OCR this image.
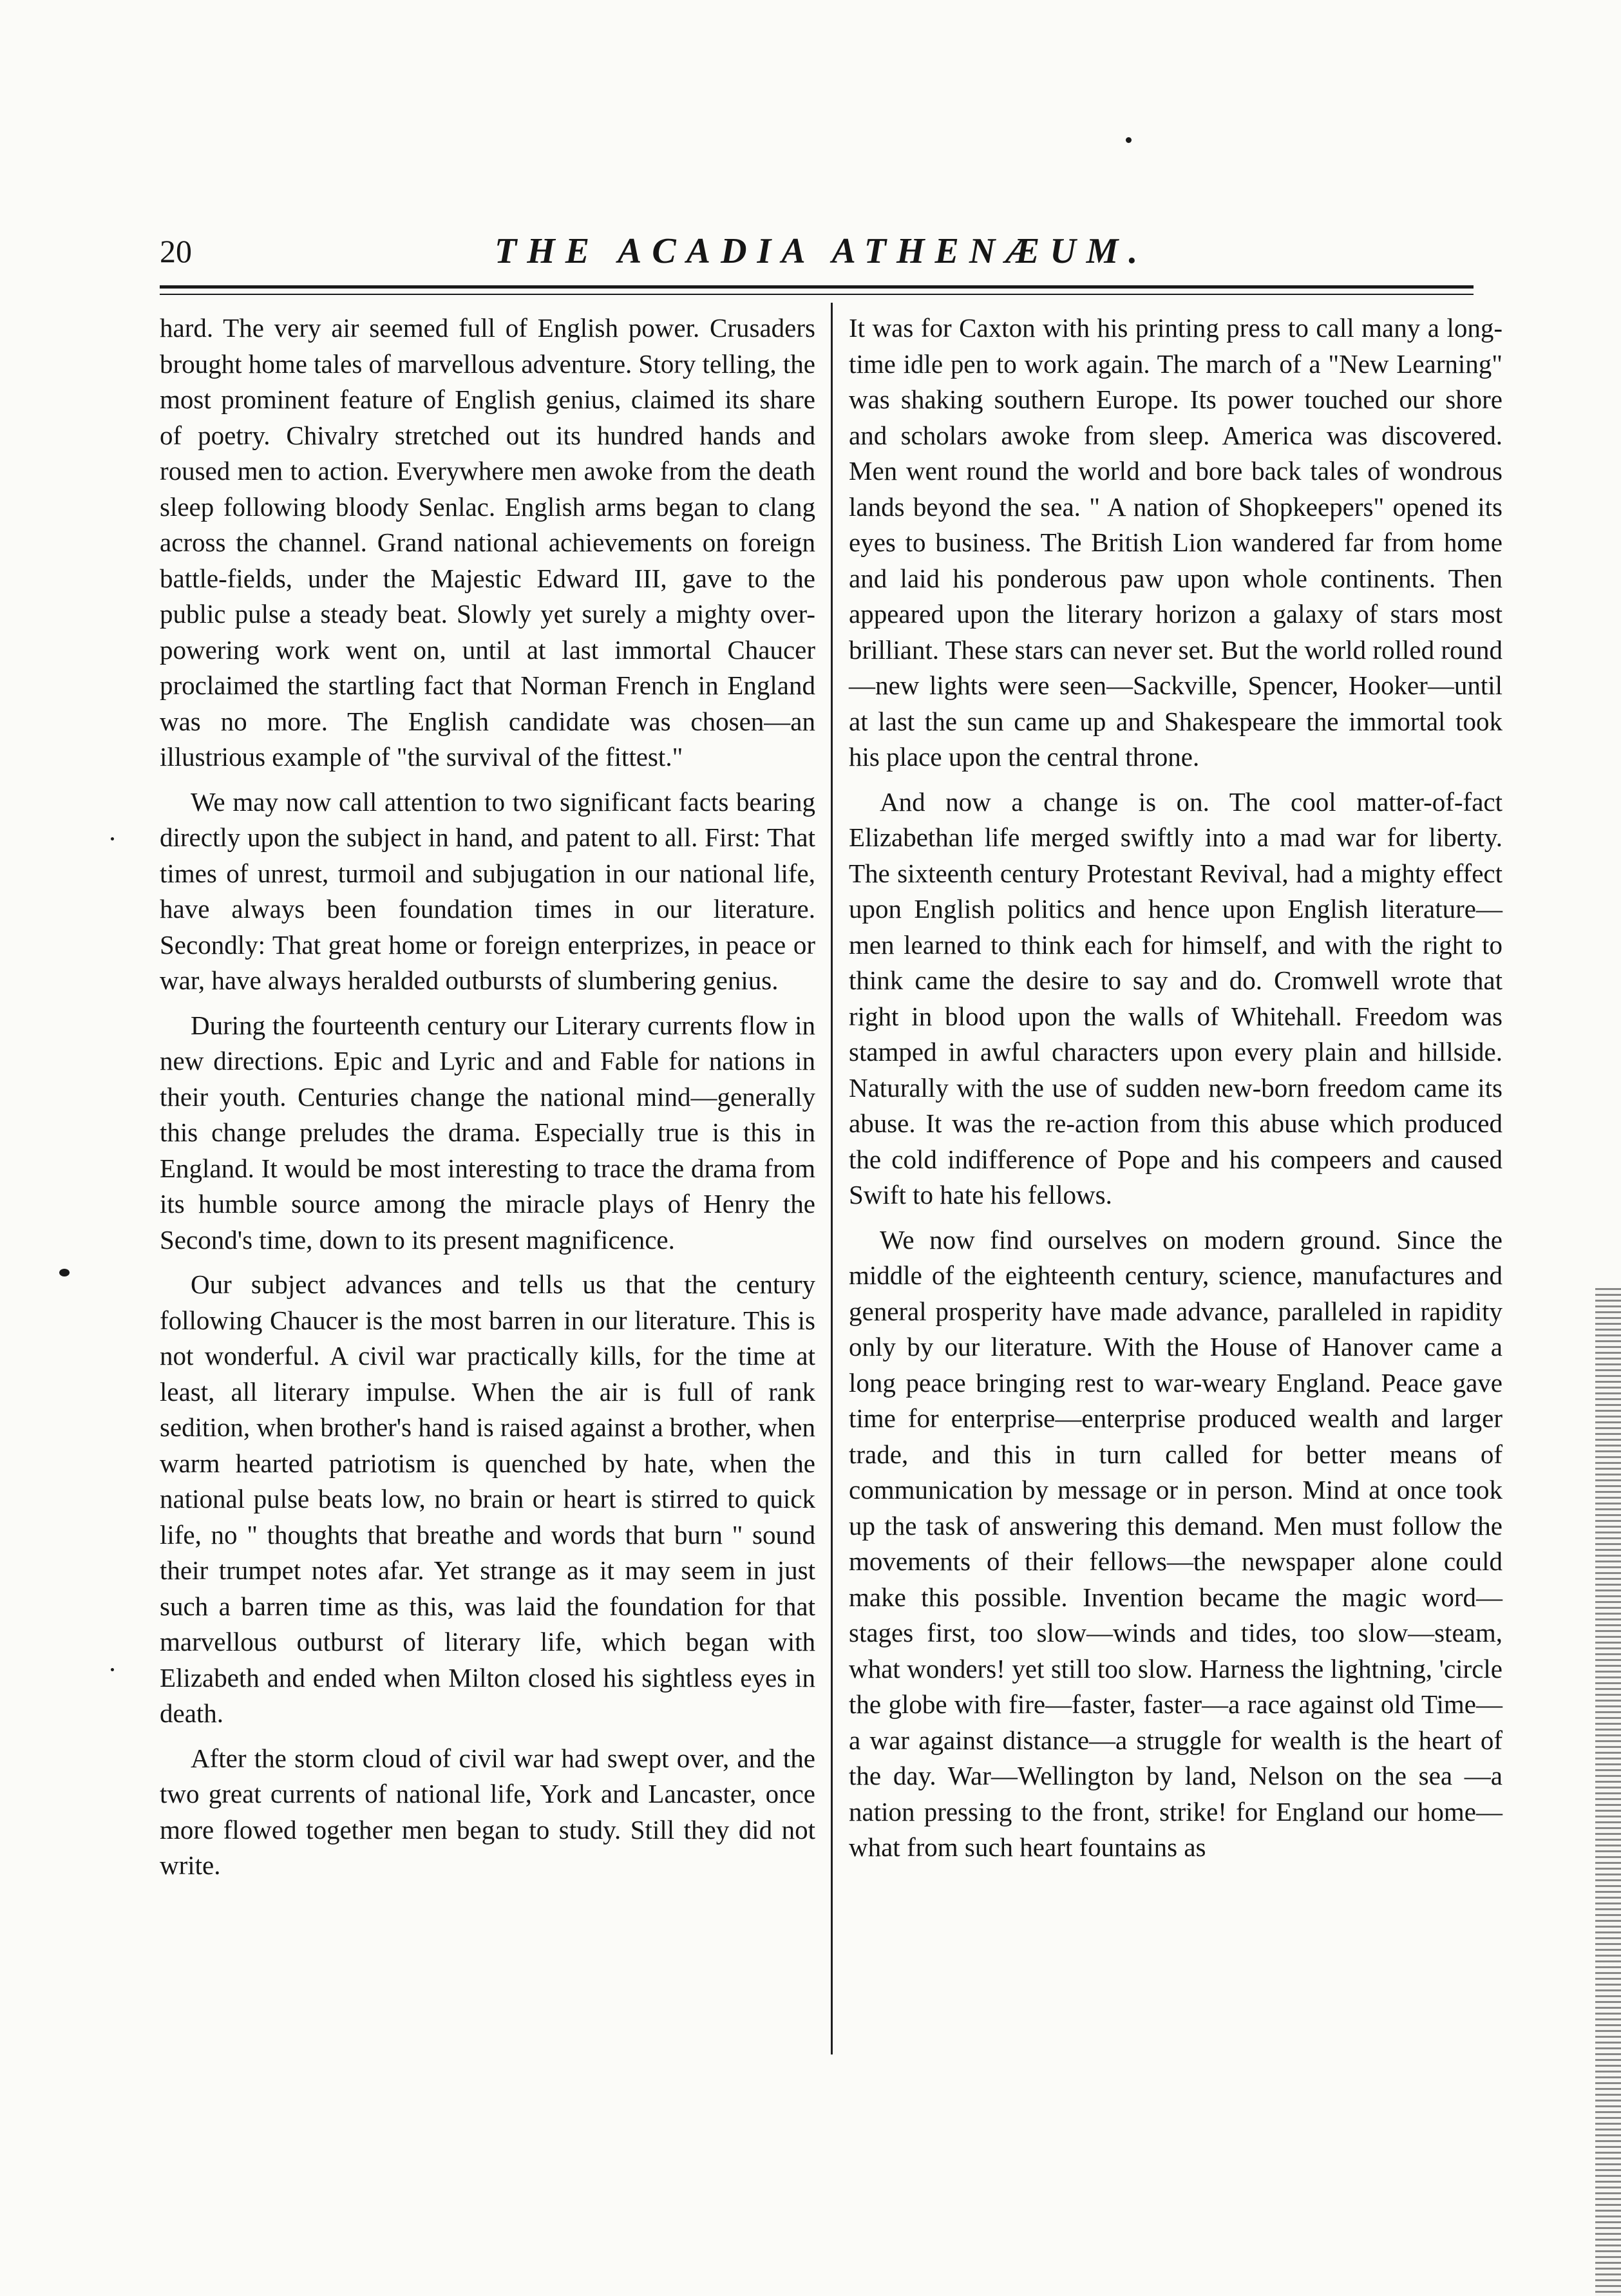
20	THE ACADIA ATHENÆUM.

hard. The very air seemed full of English power. Crusaders brought home tales of marvellous adventure. Story telling, the most prominent feature of English genius, claimed its share of poetry. Chivalry stretched out its hundred hands and roused men to action. Everywhere men awoke from the death sleep following bloody Senlac. English arms began to clang across the channel. Grand national achievements on foreign battle-fields, under the Majestic Edward III, gave to the public pulse a steady beat. Slowly yet surely a mighty over-powering work went on, until at last immortal Chaucer proclaimed the startling fact that Norman French in England was no more. The English candidate was chosen—an illustrious example of "the survival of the fittest."

We may now call attention to two significant facts bearing directly upon the subject in hand, and patent to all. First: That times of unrest, turmoil and subjugation in our national life, have always been foundation times in our literature. Secondly: That great home or foreign enterprizes, in peace or war, have always heralded outbursts of slumbering genius.

During the fourteenth century our Literary currents flow in new directions. Epic and Lyric and and Fable for nations in their youth. Centuries change the national mind—generally this change preludes the drama. Especially true is this in England. It would be most interesting to trace the drama from its humble source among the miracle plays of Henry the Second's time, down to its present magnificence.

Our subject advances and tells us that the century following Chaucer is the most barren in our literature. This is not wonderful. A civil war practically kills, for the time at least, all literary impulse. When the air is full of rank sedition, when brother's hand is raised against a brother, when warm hearted patriotism is quenched by hate, when the national pulse beats low, no brain or heart is stirred to quick life, no " thoughts that breathe and words that burn " sound their trumpet notes afar. Yet strange as it may seem in just such a barren time as this, was laid the foundation for that marvellous outburst of literary life, which began with Elizabeth and ended when Milton closed his sightless eyes in death.

After the storm cloud of civil war had swept over, and the two great currents of national life, York and Lancaster, once more flowed together men began to study. Still they did not write.

It was for Caxton with his printing press to call many a long-time idle pen to work again. The march of a "New Learning" was shaking southern Europe. Its power touched our shore and scholars awoke from sleep. America was discovered. Men went round the world and bore back tales of wondrous lands beyond the sea. " A nation of Shopkeepers" opened its eyes to business. The British Lion wandered far from home and laid his ponderous paw upon whole continents. Then appeared upon the literary horizon a galaxy of stars most brilliant. These stars can never set. But the world rolled round—new lights were seen—Sackville, Spencer, Hooker—until at last the sun came up and Shakespeare the immortal took his place upon the central throne.

And now a change is on. The cool matter-of-fact Elizabethan life merged swiftly into a mad war for liberty. The sixteenth century Protestant Revival, had a mighty effect upon English politics and hence upon English literature—men learned to think each for himself, and with the right to think came the desire to say and do. Cromwell wrote that right in blood upon the walls of Whitehall. Freedom was stamped in awful characters upon every plain and hillside. Naturally with the use of sudden new-born freedom came its abuse. It was the re-action from this abuse which produced the cold indifference of Pope and his compeers and caused Swift to hate his fellows.

We now find ourselves on modern ground. Since the middle of the eighteenth century, science, manufactures and general prosperity have made advance, paralleled in rapidity only by our literature. With the House of Hanover came a long peace bringing rest to war-weary England. Peace gave time for enterprise—enterprise produced wealth and larger trade, and this in turn called for better means of communication by message or in person. Mind at once took up the task of answering this demand. Men must follow the movements of their fellows—the newspaper alone could make this possible. Invention became the magic word—stages first, too slow—winds and tides, too slow—steam, what wonders! yet still too slow. Harness the lightning, 'circle the globe with fire—faster, faster—a race against old Time—a war against distance—a struggle for wealth is the heart of the day. War—Wellington by land, Nelson on the sea —a nation pressing to the front, strike! for England our home—what from such heart fountains as
